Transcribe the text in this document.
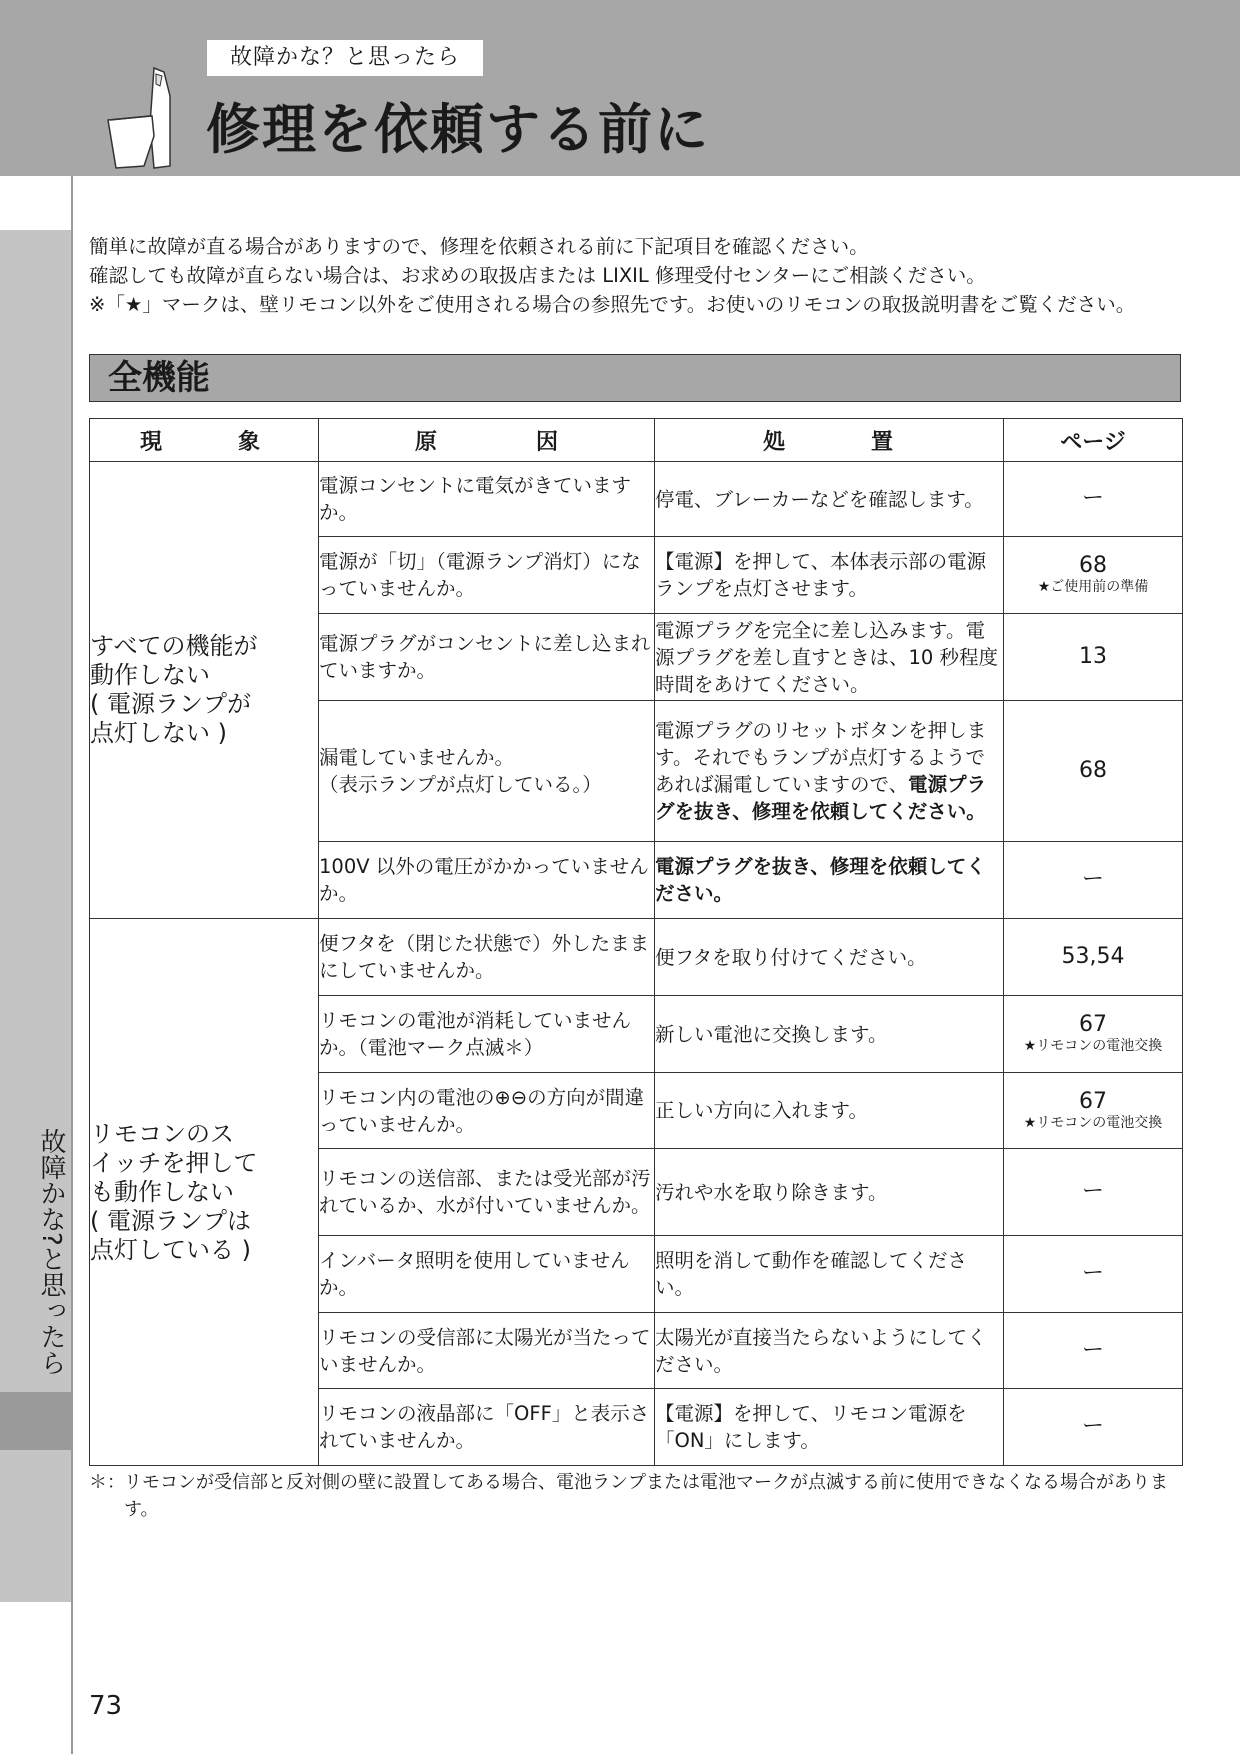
故障かな？と思ったら
修理を依頼する前に
故障かな?と思ったら

簡単に故障が直る場合がありますので、修理を依頼される前に下記項目を確認ください。

確認しても故障が直らない場合は、お求めの取扱店または LIXIL 修理受付センターにご相談ください。

※「★」マークは、壁リモコン以外をご使用される場合の参照先です。お使いのリモコンの取扱説明書をご覧ください。

全機能
現 象	原 因	処 置	ページ

すべての機能が
動作しない
( 電源ランプが
点灯しない )	電源コンセントに電気がきていますか。	停電、ブレーカーなどを確認します。	ー

	電源が「切」（電源ランプ消灯）になっていませんか。	【電源】を押して、本体表示部の電源ランプを点灯させます。	68
★ご使用前の準備

	電源プラグがコンセントに差し込まれていますか。	電源プラグを完全に差し込みます。電源プラグを差し直すときは、10 秒程度時間をあけてください。	13

	漏電していませんか。
（表示ランプが点灯している。）	電源プラグのリセットボタンを押します。それでもランプが点灯するようであれば漏電していますので、電源プラグを抜き、修理を依頼してください。	68

	100V 以外の電圧がかかっていませんか。	電源プラグを抜き、修理を依頼してください。	ー

リモコンのス
イッチを押して
も動作しない
( 電源ランプは
点灯している )	便フタを（閉じた状態で）外したままにしていませんか。	便フタを取り付けてください。	53,54

	リモコンの電池が消耗していませんか。（電池マーク点滅＊）	新しい電池に交換します。	67
★リモコンの電池交換

	リモコン内の電池の⊕⊖の方向が間違っていませんか。	正しい方向に入れます。	67
★リモコンの電池交換

	リモコンの送信部、または受光部が汚れているか、水が付いていませんか。	汚れや水を取り除きます。	ー

	インバータ照明を使用していませんか。	照明を消して動作を確認してください。	ー

	リモコンの受信部に太陽光が当たっていませんか。	太陽光が直接当たらないようにしてください。	ー

	リモコンの液晶部に「OFF」と表示されていませんか。	【電源】を押して、リモコン電源を「ON」にします。	ー
＊： リモコンが受信部と反対側の壁に設置してある場合、電池ランプまたは電池マークが点滅する前に使用できなくなる場合があります。
73
